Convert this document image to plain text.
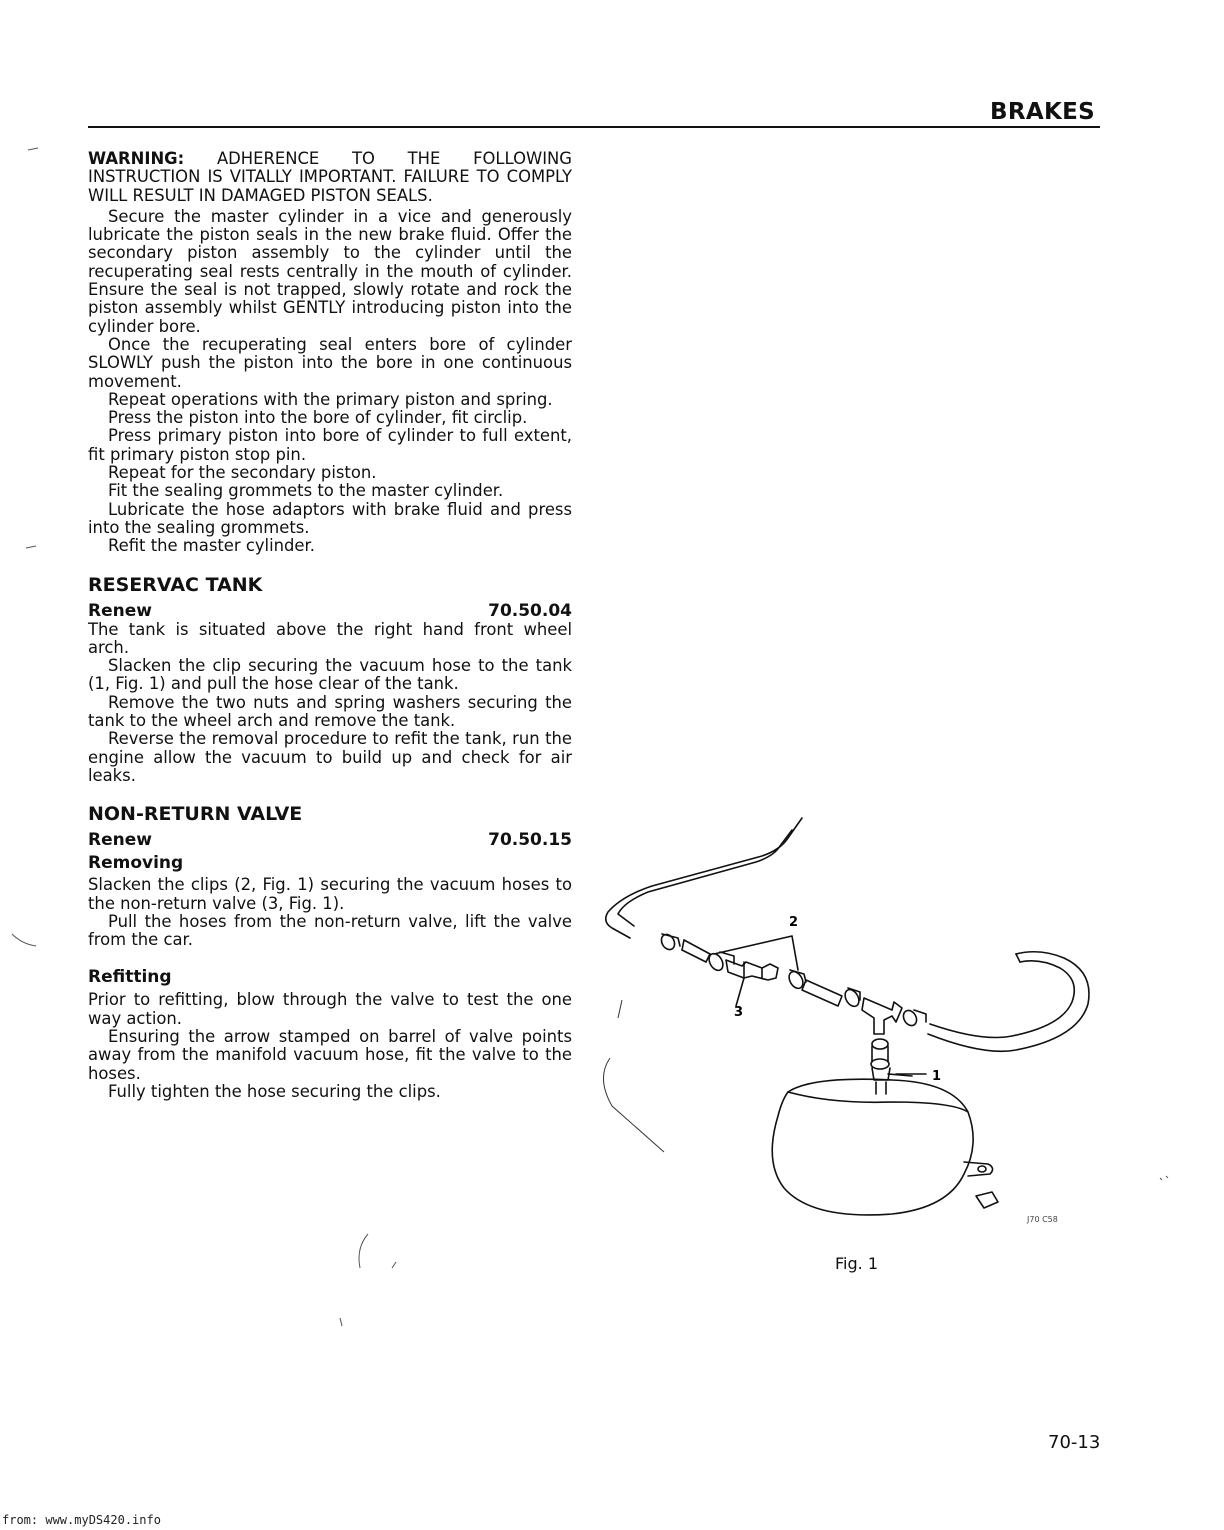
BRAKES

WARNING: ADHERENCE TO THE FOLLOWING INSTRUCTION IS VITALLY IMPORTANT. FAILURE TO COMPLY WILL RESULT IN DAMAGED PISTON SEALS.

Secure the master cylinder in a vice and generously lubricate the piston seals in the new brake fluid. Offer the secondary piston assembly to the cylinder until the recuperating seal rests centrally in the mouth of cylinder. Ensure the seal is not trapped, slowly rotate and rock the piston assembly whilst GENTLY introducing piston into the cylinder bore.

Once the recuperating seal enters bore of cylinder SLOWLY push the piston into the bore in one continuous movement.

Repeat operations with the primary piston and spring.

Press the piston into the bore of cylinder, fit circlip.

Press primary piston into bore of cylinder to full extent, fit primary piston stop pin.

Repeat for the secondary piston.

Fit the sealing grommets to the master cylinder.

Lubricate the hose adaptors with brake fluid and press into the sealing grommets.

Refit the master cylinder.

RESERVAC TANK

Renew	70.50.04

The tank is situated above the right hand front wheel arch.

Slacken the clip securing the vacuum hose to the tank (1, Fig. 1) and pull the hose clear of the tank.

Remove the two nuts and spring washers securing the tank to the wheel arch and remove the tank.

Reverse the removal procedure to refit the tank, run the engine allow the vacuum to build up and check for air leaks.

NON-RETURN VALVE

Renew	70.50.15

Removing

Slacken the clips (2, Fig. 1) securing the vacuum hoses to the non-return valve (3, Fig. 1).

Pull the hoses from the non-return valve, lift the valve from the car.

Refitting

Prior to refitting, blow through the valve to test the one way action.

Ensuring the arrow stamped on barrel of valve points away from the manifold vacuum hose, fit the valve to the hoses.

Fully tighten the hose securing the clips.

2
3
1
J70 C58
Fig. 1
70-13
from: www.myDS420.info
